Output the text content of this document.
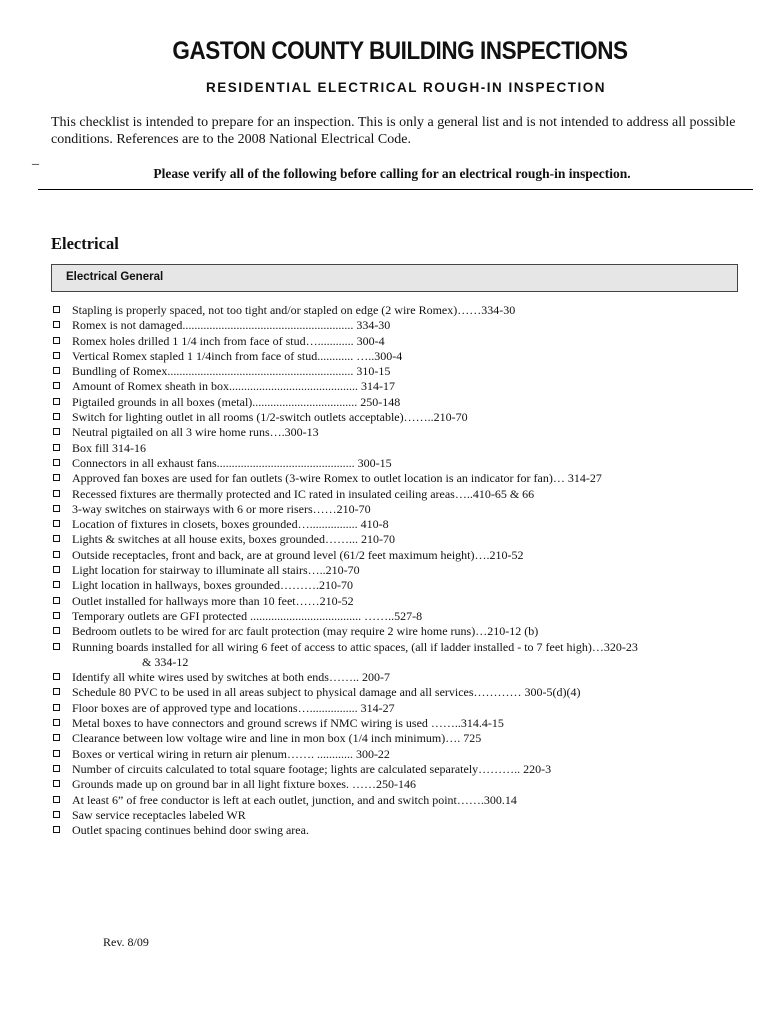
GASTON COUNTY BUILDING INSPECTIONS
RESIDENTIAL ELECTRICAL ROUGH-IN INSPECTION
This checklist is intended to prepare for an inspection. This is only a general list and is not intended to address all possible conditions. References are to the 2008 National Electrical Code.
_
Please verify all of the following before calling for an electrical rough-in inspection.
Electrical
Electrical General
Stapling is properly spaced, not too tight and/or stapled on edge (2 wire Romex)……334-30
Romex is not damaged......................................................... 334-30
Romex holes drilled 1 1/4 inch from face of stud…............ 300-4
Vertical Romex stapled 1 1/4inch from face of stud............ …..300-4
Bundling of Romex.............................................................. 310-15
Amount of Romex sheath in box........................................... 314-17
Pigtailed grounds in all boxes (metal)................................... 250-148
Switch for lighting outlet in all rooms (1/2-switch outlets acceptable)……..210-70
Neutral pigtailed on all 3 wire home runs….300-13
Box fill 314-16
Connectors in all exhaust fans.............................................. 300-15
Approved fan boxes are used for fan outlets (3-wire Romex to outlet location is an indicator for fan)… 314-27
Recessed fixtures are thermally protected and IC rated in insulated ceiling areas…..410-65 & 66
3-way switches on stairways with 6 or more risers……210-70
Location of fixtures in closets, boxes grounded…................ 410-8
Lights & switches at all house exits, boxes grounded……... 210-70
Outside receptacles, front and back, are at ground level (61/2 feet maximum height)….210-52
Light location for stairway to illuminate all stairs…..210-70
Light location in hallways, boxes grounded……….210-70
Outlet installed for hallways more than 10 feet……210-52
Temporary outlets are GFI protected ..................................... ……..527-8
Bedroom outlets to be wired for arc fault protection (may require 2 wire home runs)…210-12 (b)
Running boards installed for all wiring 6 feet of access to attic spaces, (all if ladder installed - to 7 feet high)…320-23
& 334-12
Identify all white wires used by switches at both ends…….. 200-7
Schedule 80 PVC to be used in all areas subject to physical damage and all services………… 300-5(d)(4)
Floor boxes are of approved type and locations…................ 314-27
Metal boxes to have connectors and ground screws if NMC wiring is used ……..314.4-15
Clearance between low voltage wire and line in mon box (1/4 inch minimum)…. 725
Boxes or vertical wiring in return air plenum……. ............ 300-22
Number of circuits calculated to total square footage; lights are calculated separately……….. 220-3
Grounds made up on ground bar in all light fixture boxes. ……250-146
At least 6” of free conductor is left at each outlet, junction, and and switch point…….300.14
Saw service receptacles labeled WR
Outlet spacing continues behind door swing area.
Rev. 8/09
